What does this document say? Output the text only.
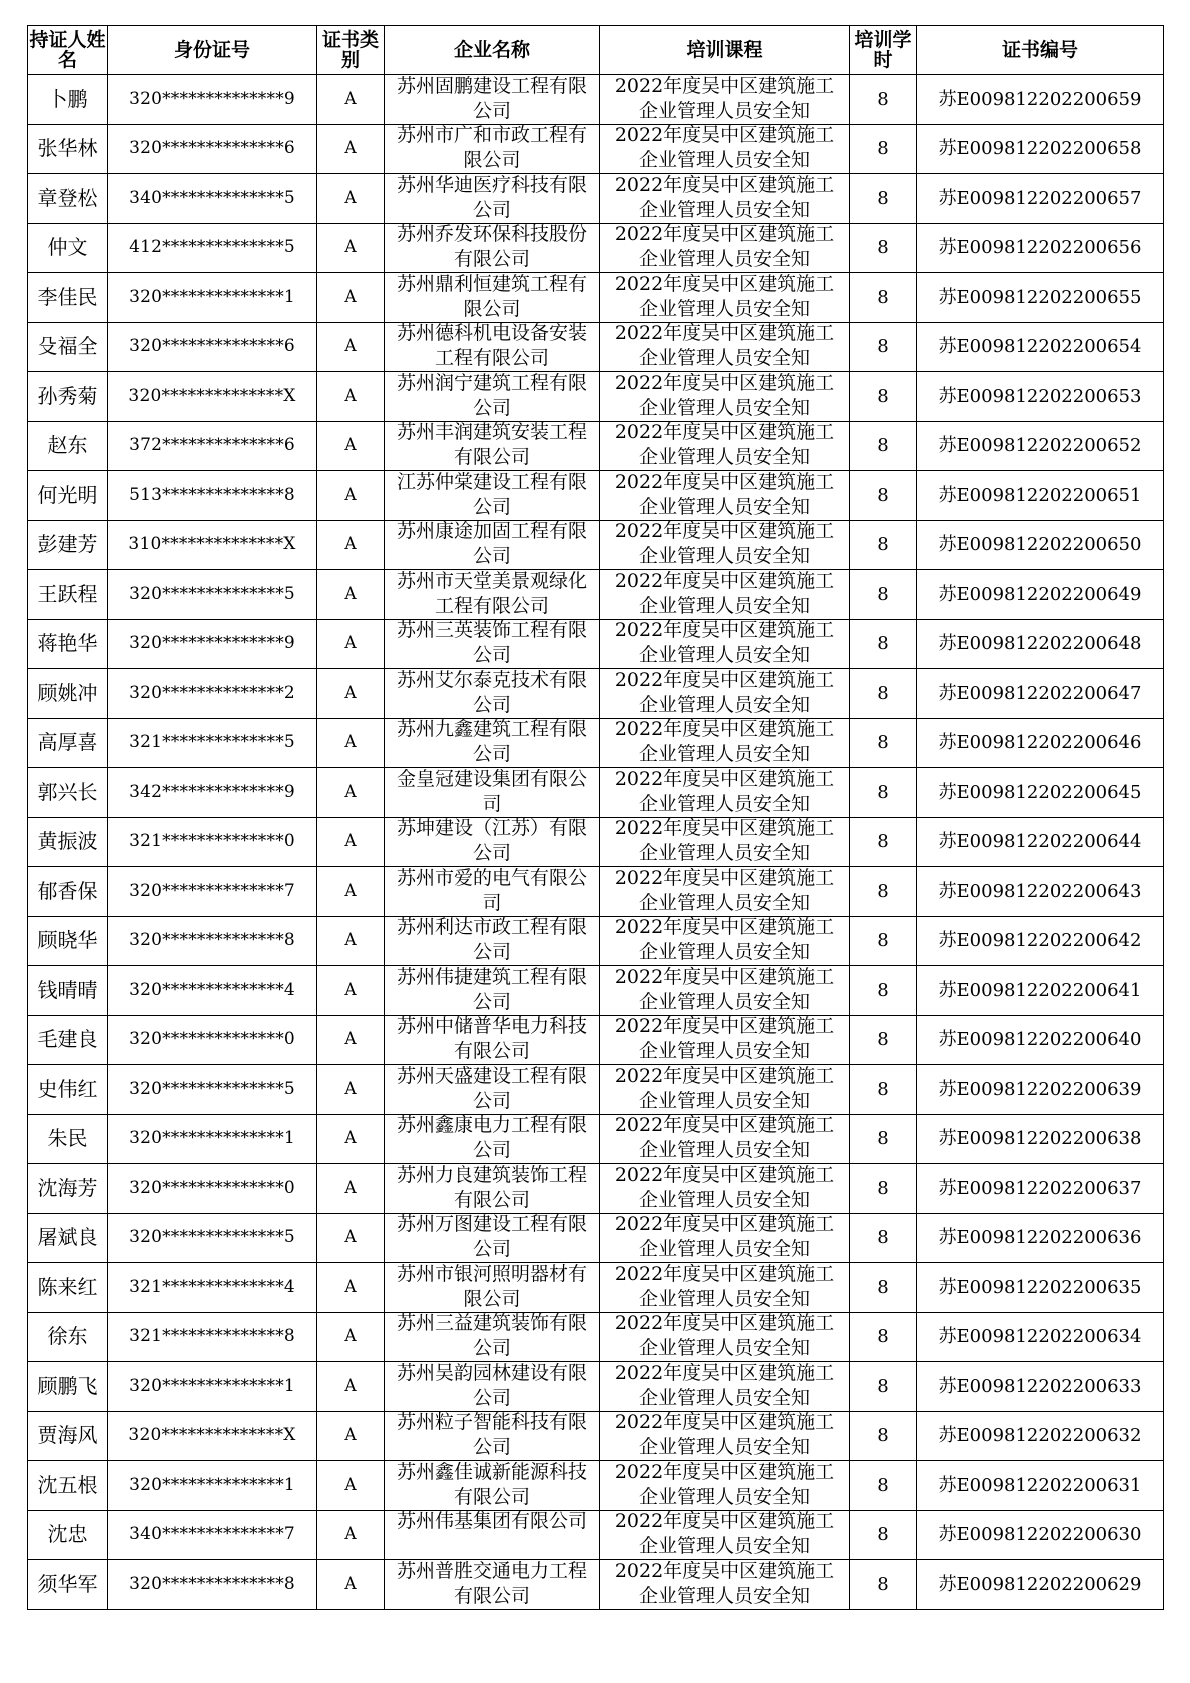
持证人姓名	身份证号	证书类别	企业名称	培训课程	培训学时	证书编号
卜鹏	320**************9	A	苏州固鹏建设工程有限公司	2022年度吴中区建筑施工企业管理人员安全知	8	苏E009812202200659
张华林	320**************6	A	苏州市广和市政工程有限公司	2022年度吴中区建筑施工企业管理人员安全知	8	苏E009812202200658
章登松	340**************5	A	苏州华迪医疗科技有限公司	2022年度吴中区建筑施工企业管理人员安全知	8	苏E009812202200657
仲文	412**************5	A	苏州乔发环保科技股份有限公司	2022年度吴中区建筑施工企业管理人员安全知	8	苏E009812202200656
李佳民	320**************1	A	苏州鼎利恒建筑工程有限公司	2022年度吴中区建筑施工企业管理人员安全知	8	苏E009812202200655
殳福全	320**************6	A	苏州德科机电设备安装工程有限公司	2022年度吴中区建筑施工企业管理人员安全知	8	苏E009812202200654
孙秀菊	320**************X	A	苏州润宁建筑工程有限公司	2022年度吴中区建筑施工企业管理人员安全知	8	苏E009812202200653
赵东	372**************6	A	苏州丰润建筑安装工程有限公司	2022年度吴中区建筑施工企业管理人员安全知	8	苏E009812202200652
何光明	513**************8	A	江苏仲棠建设工程有限公司	2022年度吴中区建筑施工企业管理人员安全知	8	苏E009812202200651
彭建芳	310**************X	A	苏州康途加固工程有限公司	2022年度吴中区建筑施工企业管理人员安全知	8	苏E009812202200650
王跃程	320**************5	A	苏州市天堂美景观绿化工程有限公司	2022年度吴中区建筑施工企业管理人员安全知	8	苏E009812202200649
蒋艳华	320**************9	A	苏州三英装饰工程有限公司	2022年度吴中区建筑施工企业管理人员安全知	8	苏E009812202200648
顾姚冲	320**************2	A	苏州艾尔泰克技术有限公司	2022年度吴中区建筑施工企业管理人员安全知	8	苏E009812202200647
高厚喜	321**************5	A	苏州九鑫建筑工程有限公司	2022年度吴中区建筑施工企业管理人员安全知	8	苏E009812202200646
郭兴长	342**************9	A	金皇冠建设集团有限公司	2022年度吴中区建筑施工企业管理人员安全知	8	苏E009812202200645
黄振波	321**************0	A	苏坤建设（江苏）有限公司	2022年度吴中区建筑施工企业管理人员安全知	8	苏E009812202200644
郁香保	320**************7	A	苏州市爱的电气有限公司	2022年度吴中区建筑施工企业管理人员安全知	8	苏E009812202200643
顾晓华	320**************8	A	苏州利达市政工程有限公司	2022年度吴中区建筑施工企业管理人员安全知	8	苏E009812202200642
钱晴晴	320**************4	A	苏州伟捷建筑工程有限公司	2022年度吴中区建筑施工企业管理人员安全知	8	苏E009812202200641
毛建良	320**************0	A	苏州中储普华电力科技有限公司	2022年度吴中区建筑施工企业管理人员安全知	8	苏E009812202200640
史伟红	320**************5	A	苏州天盛建设工程有限公司	2022年度吴中区建筑施工企业管理人员安全知	8	苏E009812202200639
朱民	320**************1	A	苏州鑫康电力工程有限公司	2022年度吴中区建筑施工企业管理人员安全知	8	苏E009812202200638
沈海芳	320**************0	A	苏州力良建筑装饰工程有限公司	2022年度吴中区建筑施工企业管理人员安全知	8	苏E009812202200637
屠斌良	320**************5	A	苏州万图建设工程有限公司	2022年度吴中区建筑施工企业管理人员安全知	8	苏E009812202200636
陈来红	321**************4	A	苏州市银河照明器材有限公司	2022年度吴中区建筑施工企业管理人员安全知	8	苏E009812202200635
徐东	321**************8	A	苏州三益建筑装饰有限公司	2022年度吴中区建筑施工企业管理人员安全知	8	苏E009812202200634
顾鹏飞	320**************1	A	苏州吴韵园林建设有限公司	2022年度吴中区建筑施工企业管理人员安全知	8	苏E009812202200633
贾海风	320**************X	A	苏州粒子智能科技有限公司	2022年度吴中区建筑施工企业管理人员安全知	8	苏E009812202200632
沈五根	320**************1	A	苏州鑫佳诚新能源科技有限公司	2022年度吴中区建筑施工企业管理人员安全知	8	苏E009812202200631
沈忠	340**************7	A	苏州伟基集团有限公司	2022年度吴中区建筑施工企业管理人员安全知	8	苏E009812202200630
须华军	320**************8	A	苏州普胜交通电力工程有限公司	2022年度吴中区建筑施工企业管理人员安全知	8	苏E009812202200629
